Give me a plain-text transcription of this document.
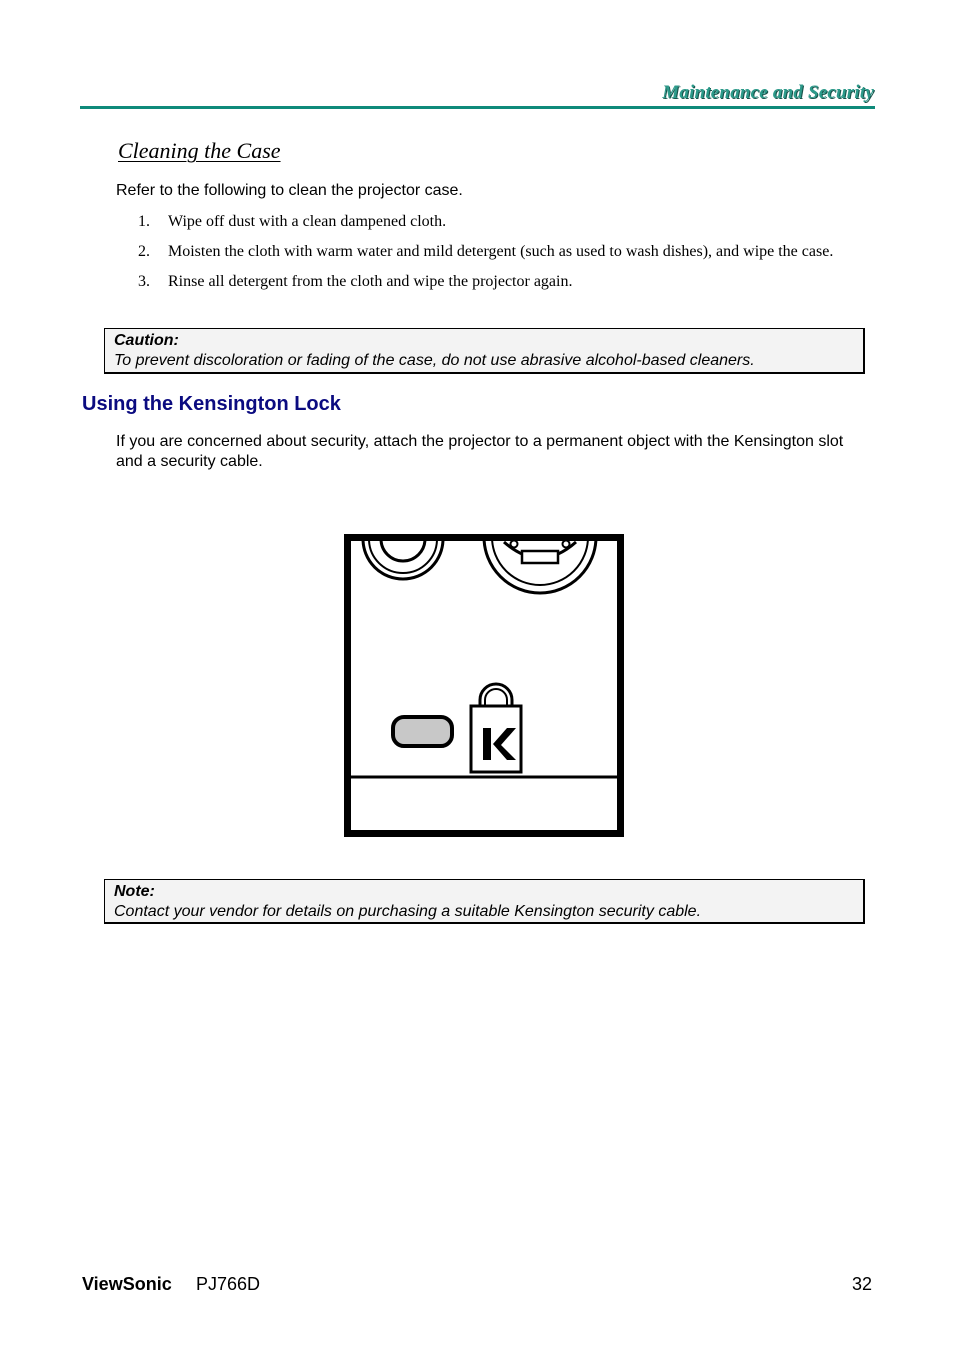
Maintenance and Security
Cleaning the Case
Refer to the following to clean the projector case.
1. Wipe off dust with a clean dampened cloth.
2. Moisten the cloth with warm water and mild detergent (such as used to wash dishes), and wipe the case.
3. Rinse all detergent from the cloth and wipe the projector again.
Caution:
To prevent discoloration or fading of the case, do not use abrasive alcohol-based cleaners.
Using the Kensington Lock
If you are concerned about security, attach the projector to a permanent object with the Kensington slot and a security cable.
Note:
Contact your vendor for details on purchasing a suitable Kensington security cable.
ViewSonic PJ766D	32
